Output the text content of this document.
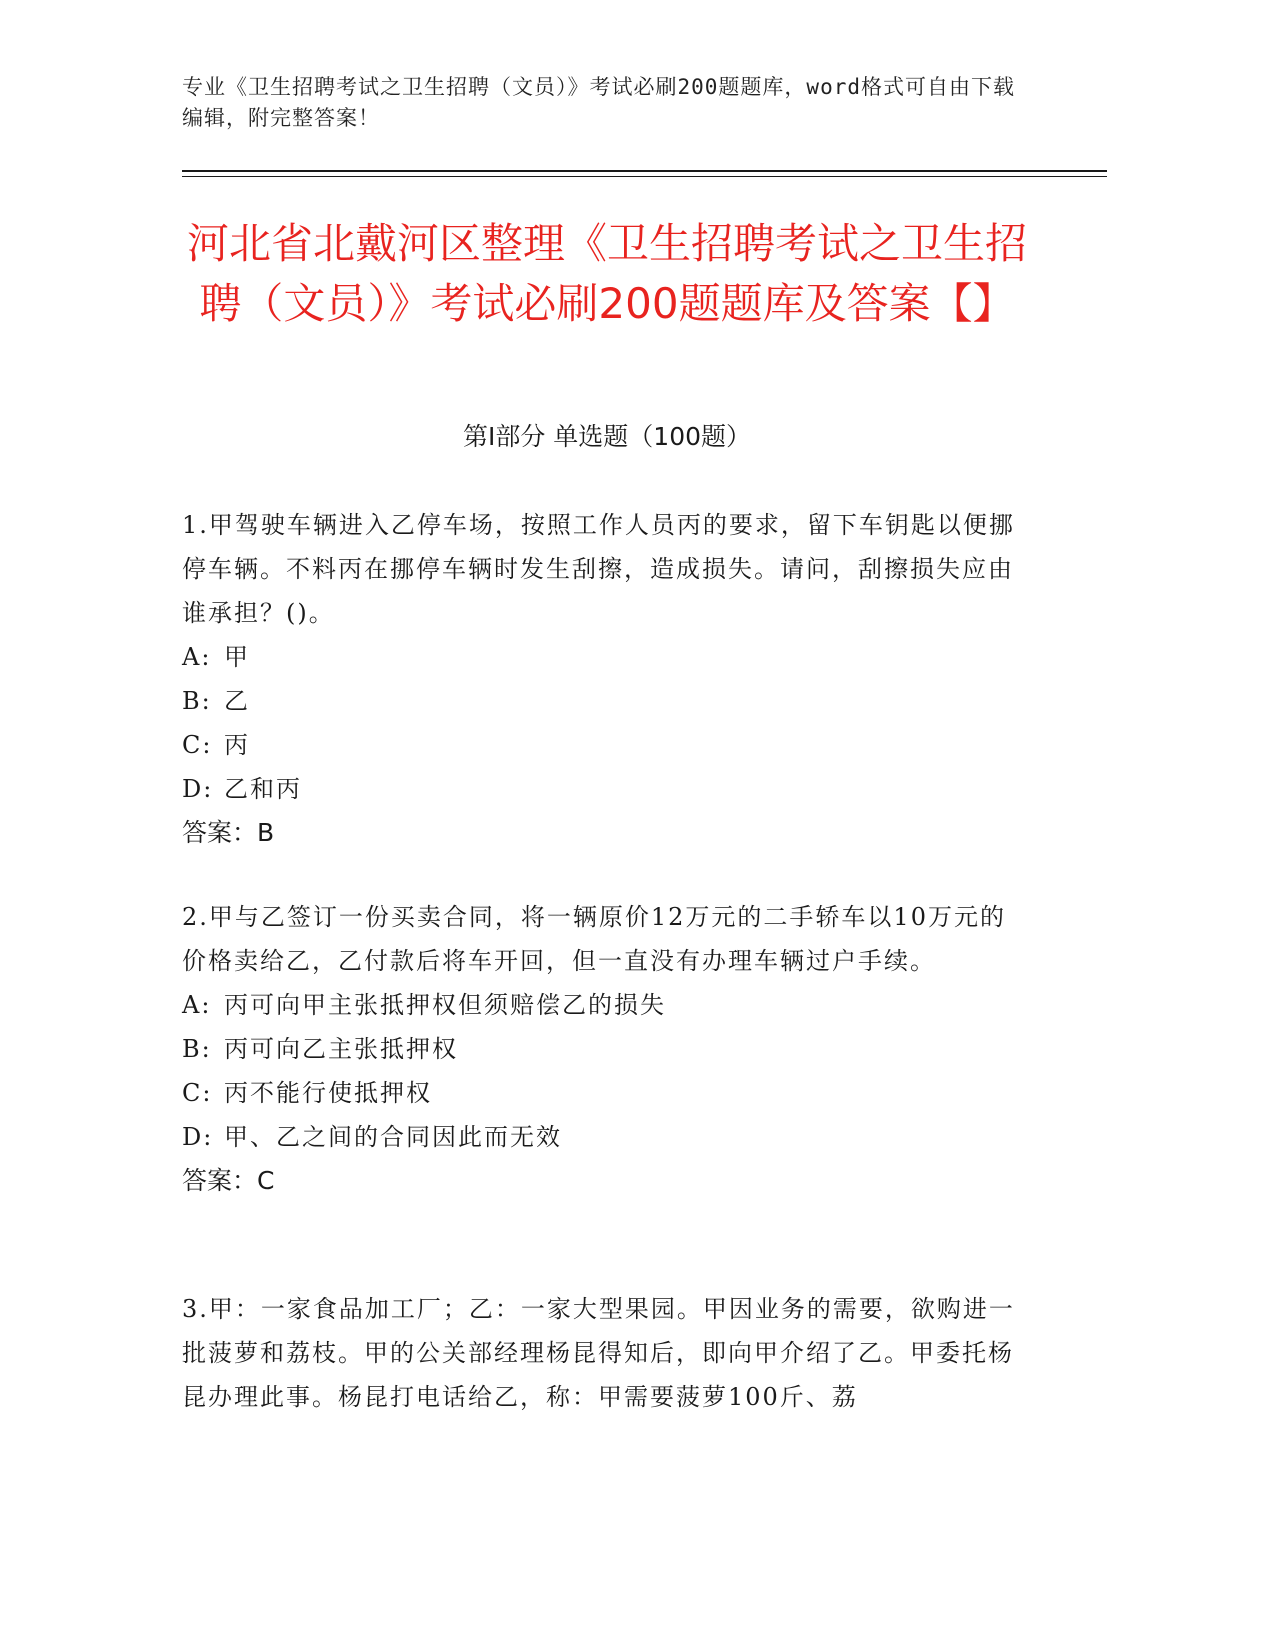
专业《卫生招聘考试之卫生招聘（文员）》考试必刷200题题库，word格式可自由下载编辑，附完整答案！
河北省北戴河区整理《卫生招聘考试之卫生招聘（文员）》考试必刷200题题库及答案【】
第I部分 单选题（100题）

1.甲驾驶车辆进入乙停车场，按照工作人员丙的要求，留下车钥匙以便挪停车辆。不料丙在挪停车辆时发生刮擦，造成损失。请问，刮擦损失应由谁承担？()。

A: 甲

B: 乙

C: 丙

D: 乙和丙

答案：B

2.甲与乙签订一份买卖合同，将一辆原价12万元的二手轿车以10万元的价格卖给乙，乙付款后将车开回，但一直没有办理车辆过户手续。

A: 丙可向甲主张抵押权但须赔偿乙的损失

B: 丙可向乙主张抵押权

C: 丙不能行使抵押权

D: 甲、乙之间的合同因此而无效

答案：C

3.甲：一家食品加工厂；乙：一家大型果园。甲因业务的需要，欲购进一批菠萝和荔枝。甲的公关部经理杨昆得知后，即向甲介绍了乙。甲委托杨昆办理此事。杨昆打电话给乙，称：甲需要菠萝100斤、荔
